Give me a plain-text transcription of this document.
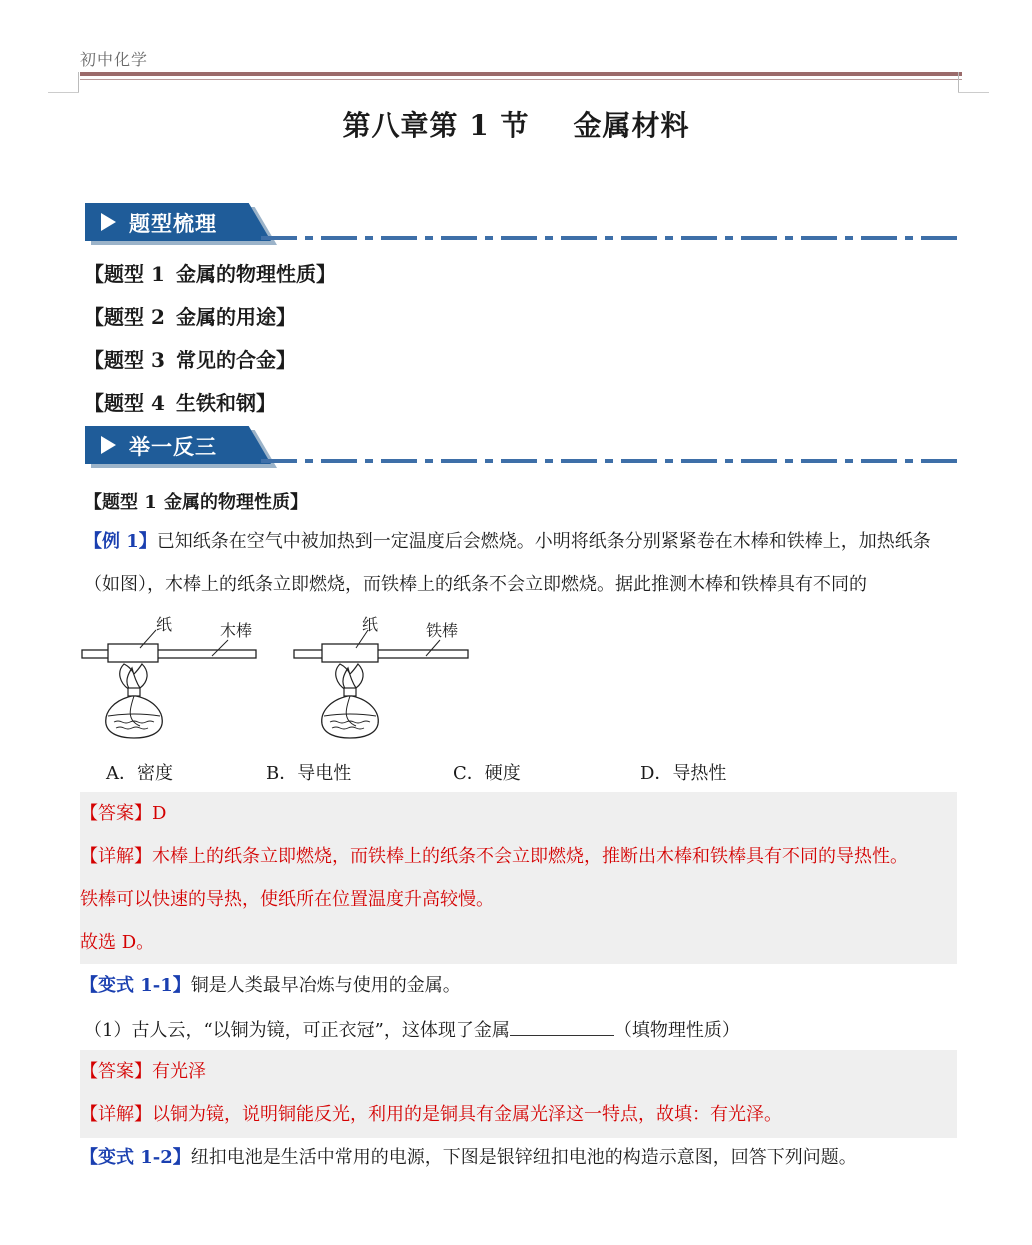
初中化学
第八章第 1 节 金属材料
题型梳理
【题型 1 金属的物理性质】
【题型 2 金属的用途】
【题型 3 常见的合金】
【题型 4 生铁和钢】
举一反三
【题型 1 金属的物理性质】
【例 1】已知纸条在空气中被加热到一定温度后会燃烧。小明将纸条分别紧紧卷在木棒和铁棒上，加热纸条
（如图），木棒上的纸条立即燃烧，而铁棒上的纸条不会立即燃烧。据此推测木棒和铁棒具有不同的
纸	木棒	纸	铁棒
A．密度	B．导电性	C．硬度	D．导热性
【答案】D
【详解】木棒上的纸条立即燃烧，而铁棒上的纸条不会立即燃烧，推断出木棒和铁棒具有不同的导热性。
铁棒可以快速的导热，使纸所在位置温度升高较慢。
故选 D。
【变式 1-1】铜是人类最早冶炼与使用的金属。
（1）古人云，“以铜为镜，可正衣冠”，这体现了金属	（填物理性质）
【答案】有光泽
【详解】以铜为镜，说明铜能反光，利用的是铜具有金属光泽这一特点，故填：有光泽。
【变式 1-2】纽扣电池是生活中常用的电源，下图是银锌纽扣电池的构造示意图，回答下列问题。
